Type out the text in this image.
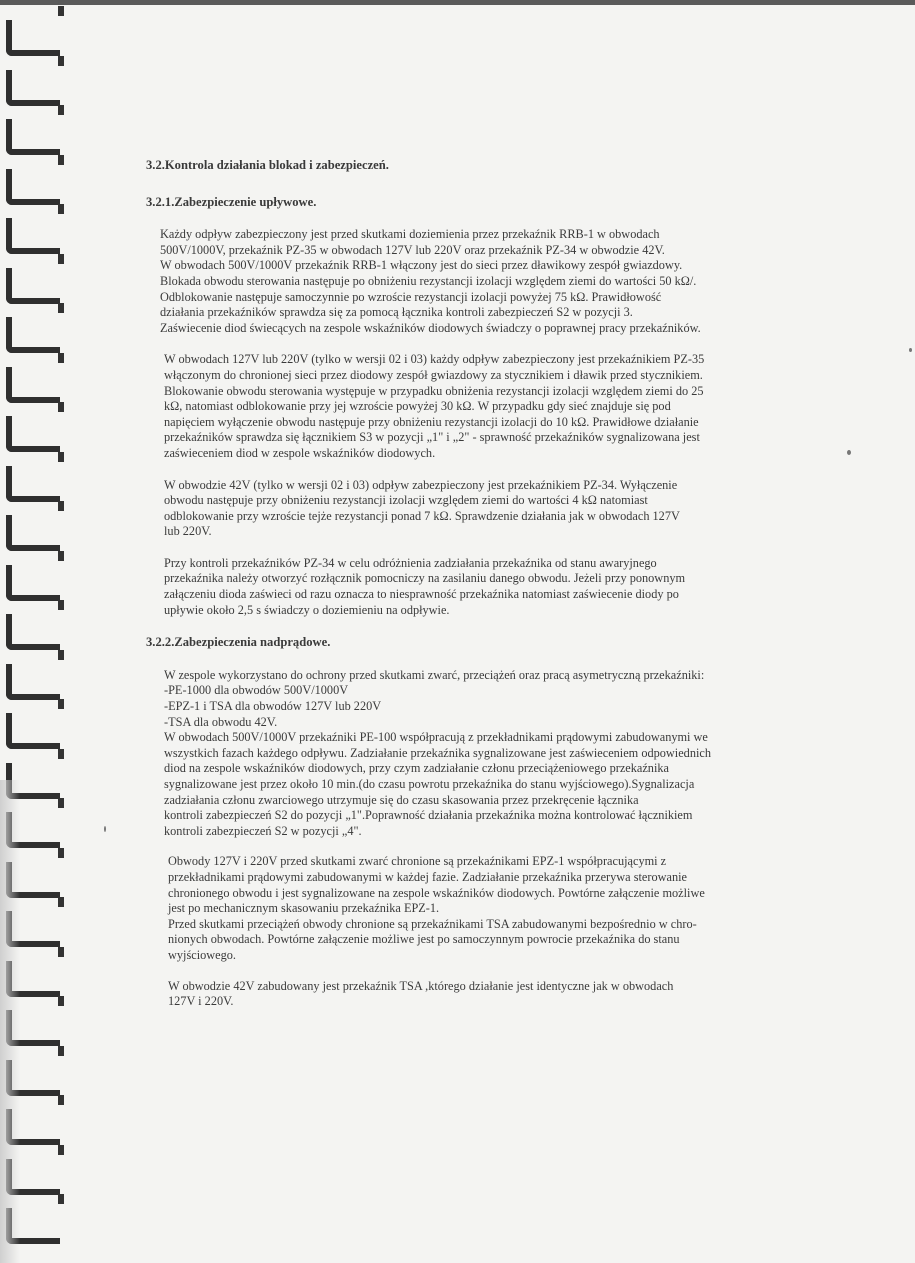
3.2.Kontrola działania blokad i zabezpieczeń.
3.2.1.Zabezpieczenie upływowe.

Każdy odpływ zabezpieczony jest przed skutkami doziemienia przez przekaźnik RRB-1 w obwodach
500V/1000V, przekaźnik PZ-35 w obwodach 127V lub 220V oraz przekaźnik PZ-34 w obwodzie 42V.
W obwodach 500V/1000V przekaźnik RRB-1 włączony jest do sieci przez dławikowy zespół gwiazdowy.
Blokada obwodu sterowania następuje po obniżeniu rezystancji izolacji względem ziemi do wartości 50 kΩ/.
Odblokowanie następuje samoczynnie po wzroście rezystancji izolacji powyżej 75 kΩ. Prawidłowość
działania przekaźników sprawdza się za pomocą łącznika kontroli zabezpieczeń S2 w pozycji 3.
Zaświecenie diod świecących na zespole wskaźników diodowych świadczy o poprawnej pracy przekaźników.

W obwodach 127V lub 220V (tylko w wersji 02 i 03) każdy odpływ zabezpieczony jest przekaźnikiem PZ-35
włączonym do chronionej sieci przez diodowy zespół gwiazdowy za stycznikiem i dławik przed stycznikiem.
Blokowanie obwodu sterowania występuje w przypadku obniżenia rezystancji izolacji względem ziemi do 25
kΩ, natomiast odblokowanie przy jej wzroście powyżej 30 kΩ. W przypadku gdy sieć znajduje się pod
napięciem wyłączenie obwodu następuje przy obniżeniu rezystancji izolacji do 10 kΩ. Prawidłowe działanie
przekaźników sprawdza się łącznikiem S3 w pozycji „1" i „2" - sprawność przekaźników sygnalizowana jest
zaświeceniem diod w zespole wskaźników diodowych.

W obwodzie 42V (tylko w wersji 02 i 03) odpływ zabezpieczony jest przekaźnikiem PZ-34. Wyłączenie
obwodu następuje przy obniżeniu rezystancji izolacji względem ziemi do wartości 4 kΩ natomiast
odblokowanie przy wzroście tejże rezystancji ponad 7 kΩ. Sprawdzenie działania jak w obwodach 127V
lub 220V.

Przy kontroli przekaźników PZ-34 w celu odróżnienia zadziałania przekaźnika od stanu awaryjnego
przekaźnika należy otworzyć rozłącznik pomocniczy na zasilaniu danego obwodu. Jeżeli przy ponownym
załączeniu dioda zaświeci od razu oznacza to niesprawność przekaźnika natomiast zaświecenie diody po
upływie około 2,5 s świadczy o doziemieniu na odpływie.

3.2.2.Zabezpieczenia nadprądowe.

W zespole wykorzystano do ochrony przed skutkami zwarć, przeciążeń oraz pracą asymetryczną przekaźniki:
-PE-1000 dla obwodów 500V/1000V
-EPZ-1 i TSA dla obwodów 127V lub 220V
-TSA dla obwodu 42V.
W obwodach 500V/1000V przekaźniki PE-100 współpracują z przekładnikami prądowymi zabudowanymi we
wszystkich fazach każdego odpływu. Zadziałanie przekaźnika sygnalizowane jest zaświeceniem odpowiednich
diod na zespole wskaźników diodowych, przy czym zadziałanie członu przeciążeniowego przekaźnika
sygnalizowane jest przez około 10 min.(do czasu powrotu przekaźnika do stanu wyjściowego).Sygnalizacja
zadziałania członu zwarciowego utrzymuje się do czasu skasowania przez przekręcenie łącznika
kontroli zabezpieczeń S2 do pozycji „1".Poprawność działania przekaźnika można kontrolować łącznikiem
kontroli zabezpieczeń S2 w pozycji „4".

Obwody 127V i 220V przed skutkami zwarć chronione są przekaźnikami EPZ-1 współpracującymi z
przekładnikami prądowymi zabudowanymi w każdej fazie. Zadziałanie przekaźnika przerywa sterowanie
chronionego obwodu i jest sygnalizowane na zespole wskaźników diodowych. Powtórne załączenie możliwe
jest po mechanicznym skasowaniu przekaźnika EPZ-1.
Przed skutkami przeciążeń obwody chronione są przekaźnikami TSA zabudowanymi bezpośrednio w chro-
nionych obwodach. Powtórne załączenie możliwe jest po samoczynnym powrocie przekaźnika do stanu
wyjściowego.

W obwodzie 42V zabudowany jest przekaźnik TSA ,którego działanie jest identyczne jak w obwodach
127V i 220V.
